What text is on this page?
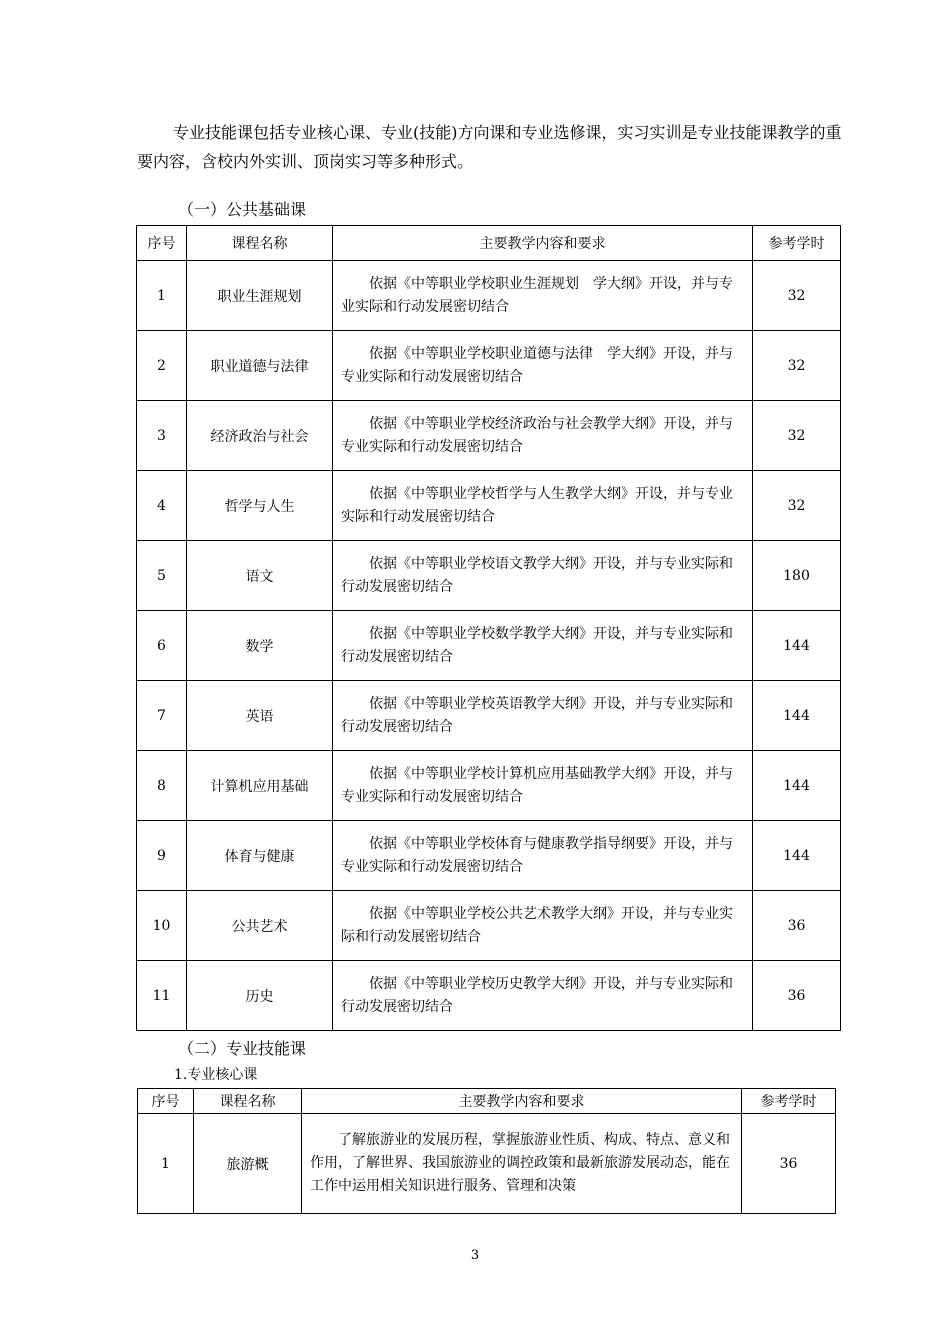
专业技能课包括专业核心课、专业(技能)方向课和专业选修课，实习实训是专业技能课教学的重要内容，含校内外实训、顶岗实习等多种形式。

（一）公共基础课

序号	课程名称	主要教学内容和要求	参考学时
1	职业生涯规划	依据《中等职业学校职业生涯规划　学大纲》开设，并与专业实际和行动发展密切结合	32
2	职业道德与法律	依据《中等职业学校职业道德与法律　学大纲》开设，并与专业实际和行动发展密切结合	32
3	经济政治与社会	依据《中等职业学校经济政治与社会教学大纲》开设，并与专业实际和行动发展密切结合	32
4	哲学与人生	依据《中等职业学校哲学与人生教学大纲》开设，并与专业实际和行动发展密切结合	32
5	语文	依据《中等职业学校语文教学大纲》开设，并与专业实际和行动发展密切结合	180
6	数学	依据《中等职业学校数学教学大纲》开设，并与专业实际和行动发展密切结合	144
7	英语	依据《中等职业学校英语教学大纲》开设，并与专业实际和行动发展密切结合	144
8	计算机应用基础	依据《中等职业学校计算机应用基础教学大纲》开设，并与专业实际和行动发展密切结合	144
9	体育与健康	依据《中等职业学校体育与健康教学指导纲要》开设，并与专业实际和行动发展密切结合	144
10	公共艺术	依据《中等职业学校公共艺术教学大纲》开设，并与专业实际和行动发展密切结合	36
11	历史	依据《中等职业学校历史教学大纲》开设，并与专业实际和行动发展密切结合	36

（二）专业技能课

1.专业核心课

序号	课程名称	主要教学内容和要求	参考学时
1	旅游概	了解旅游业的发展历程，掌握旅游业性质、构成、特点、意义和作用，了解世界、我国旅游业的调控政策和最新旅游发展动态，能在工作中运用相关知识进行服务、管理和决策	36

3
